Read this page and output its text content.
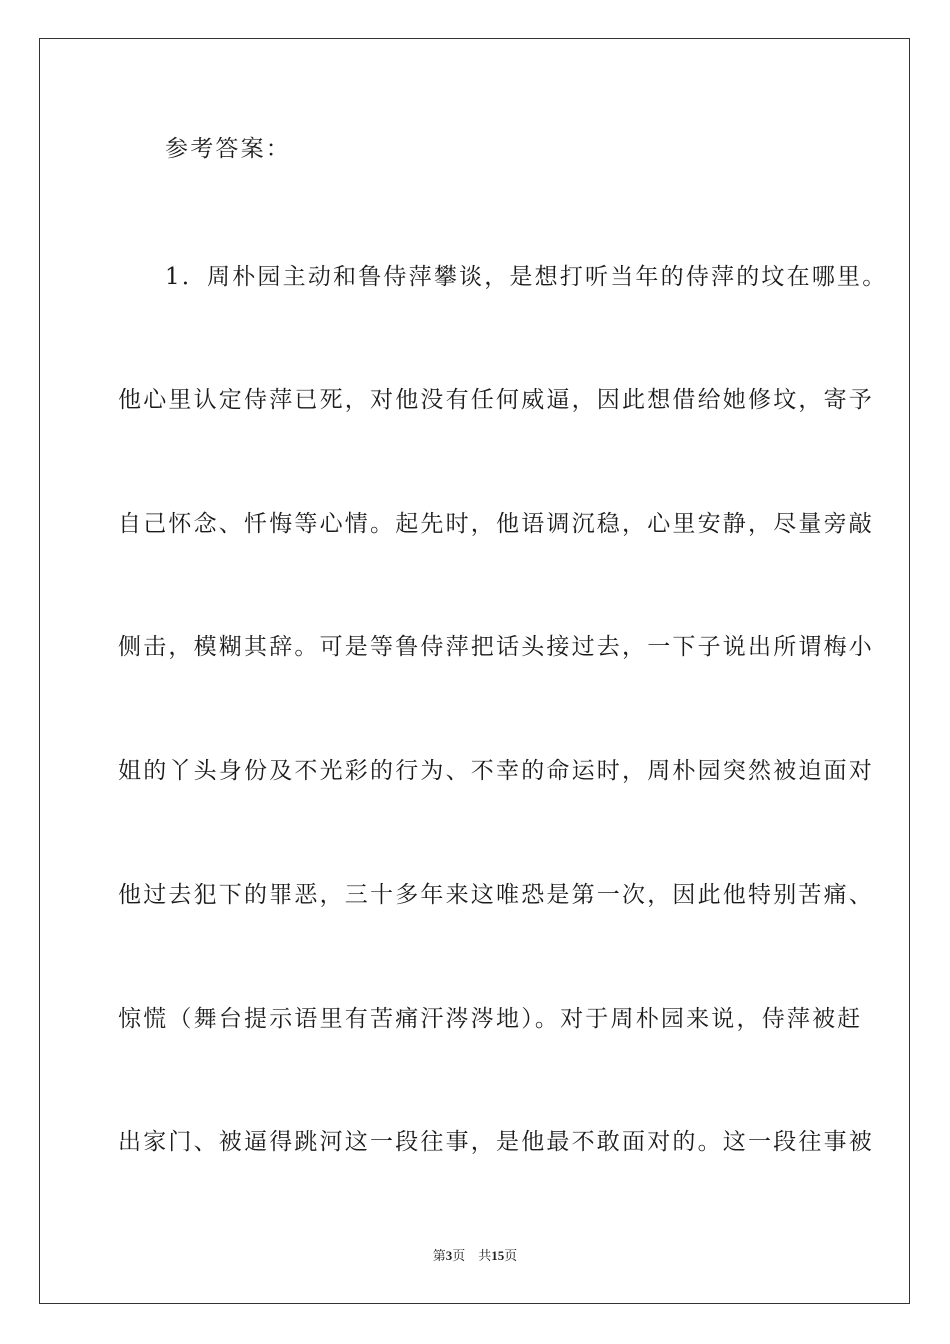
参考答案：
1．周朴园主动和鲁侍萍攀谈，是想打听当年的侍萍的坟在哪里。
他心里认定侍萍已死，对他没有任何威逼，因此想借给她修坟，寄予
自己怀念、忏悔等心情。起先时，他语调沉稳，心里安静，尽量旁敲
侧击，模糊其辞。可是等鲁侍萍把话头接过去，一下子说出所谓梅小
姐的丫头身份及不光彩的行为、不幸的命运时，周朴园突然被迫面对
他过去犯下的罪恶，三十多年来这唯恐是第一次，因此他特别苦痛、
惊慌（舞台提示语里有苦痛汗涔涔地）。对于周朴园来说，侍萍被赶
出家门、被逼得跳河这一段往事，是他最不敢面对的。这一段往事被
第3页　共15页
